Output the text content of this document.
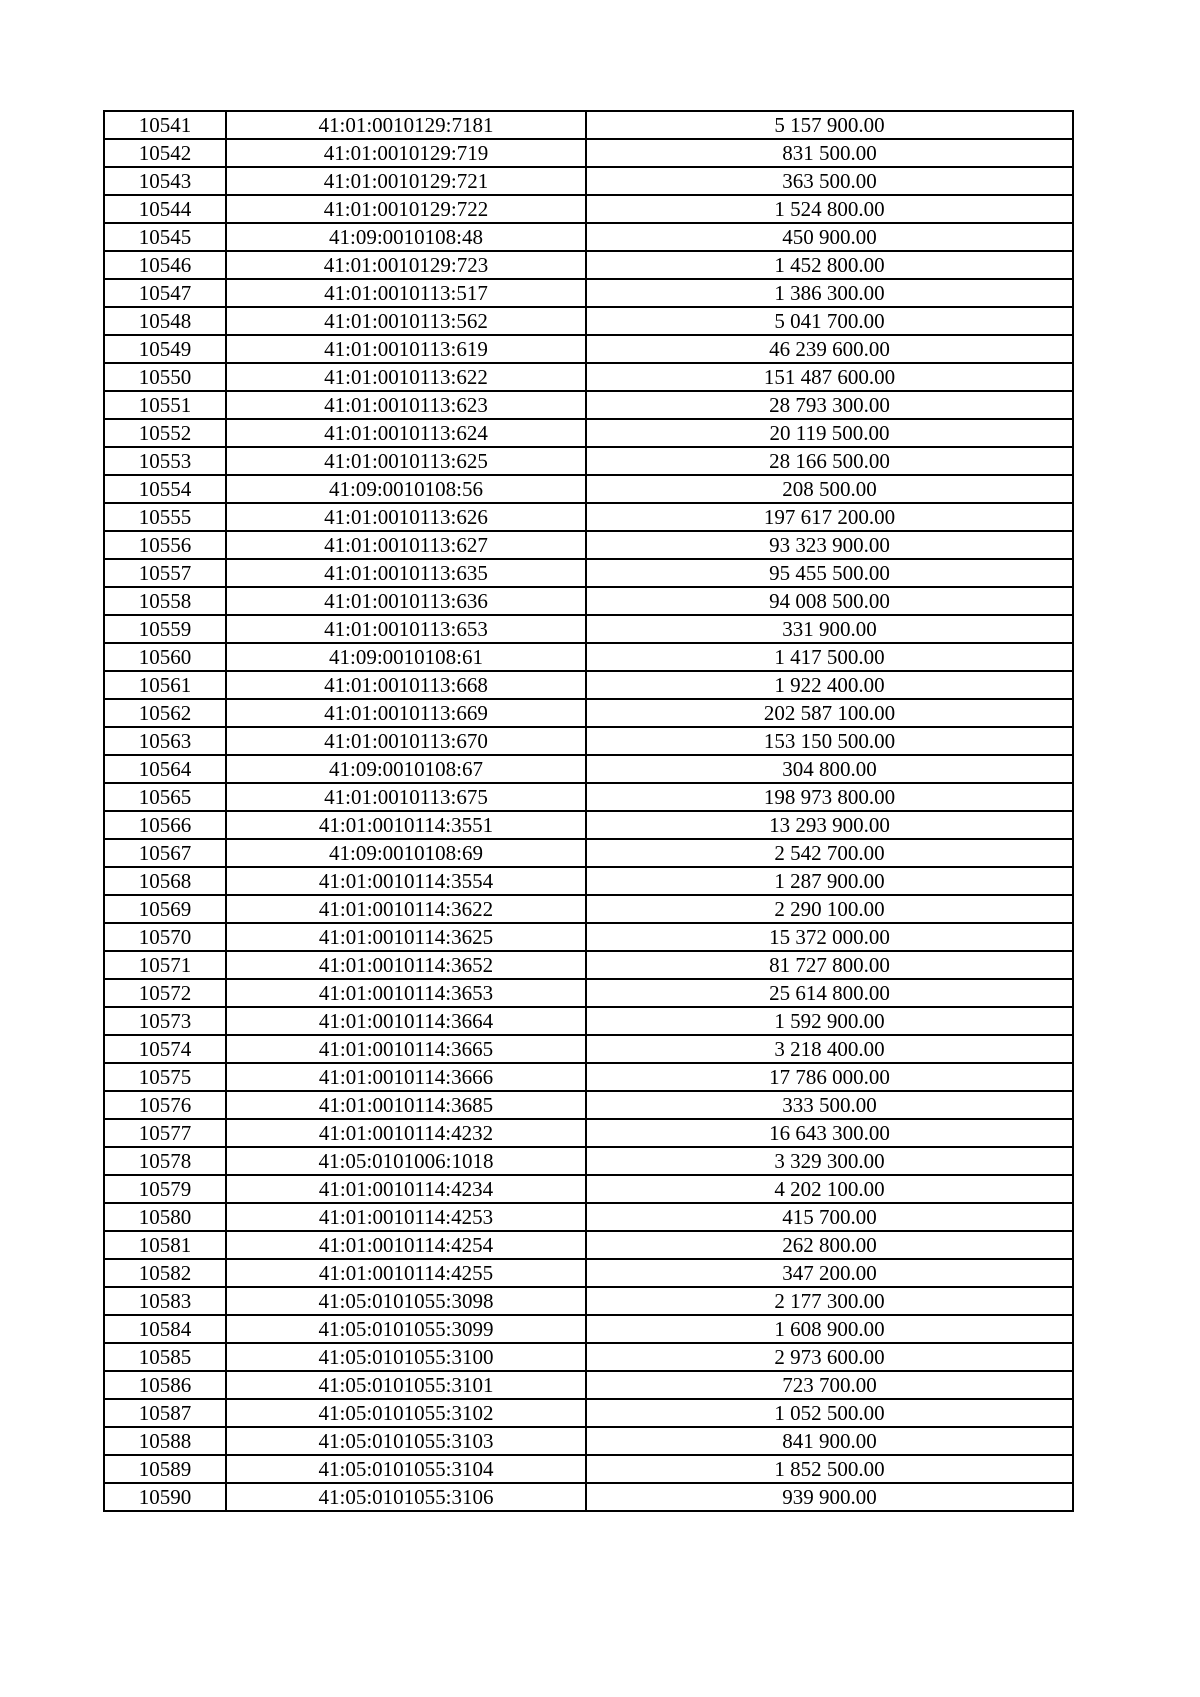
10541	41:01:0010129:7181	5 157 900.00
10542	41:01:0010129:719	831 500.00
10543	41:01:0010129:721	363 500.00
10544	41:01:0010129:722	1 524 800.00
10545	41:09:0010108:48	450 900.00
10546	41:01:0010129:723	1 452 800.00
10547	41:01:0010113:517	1 386 300.00
10548	41:01:0010113:562	5 041 700.00
10549	41:01:0010113:619	46 239 600.00
10550	41:01:0010113:622	151 487 600.00
10551	41:01:0010113:623	28 793 300.00
10552	41:01:0010113:624	20 119 500.00
10553	41:01:0010113:625	28 166 500.00
10554	41:09:0010108:56	208 500.00
10555	41:01:0010113:626	197 617 200.00
10556	41:01:0010113:627	93 323 900.00
10557	41:01:0010113:635	95 455 500.00
10558	41:01:0010113:636	94 008 500.00
10559	41:01:0010113:653	331 900.00
10560	41:09:0010108:61	1 417 500.00
10561	41:01:0010113:668	1 922 400.00
10562	41:01:0010113:669	202 587 100.00
10563	41:01:0010113:670	153 150 500.00
10564	41:09:0010108:67	304 800.00
10565	41:01:0010113:675	198 973 800.00
10566	41:01:0010114:3551	13 293 900.00
10567	41:09:0010108:69	2 542 700.00
10568	41:01:0010114:3554	1 287 900.00
10569	41:01:0010114:3622	2 290 100.00
10570	41:01:0010114:3625	15 372 000.00
10571	41:01:0010114:3652	81 727 800.00
10572	41:01:0010114:3653	25 614 800.00
10573	41:01:0010114:3664	1 592 900.00
10574	41:01:0010114:3665	3 218 400.00
10575	41:01:0010114:3666	17 786 000.00
10576	41:01:0010114:3685	333 500.00
10577	41:01:0010114:4232	16 643 300.00
10578	41:05:0101006:1018	3 329 300.00
10579	41:01:0010114:4234	4 202 100.00
10580	41:01:0010114:4253	415 700.00
10581	41:01:0010114:4254	262 800.00
10582	41:01:0010114:4255	347 200.00
10583	41:05:0101055:3098	2 177 300.00
10584	41:05:0101055:3099	1 608 900.00
10585	41:05:0101055:3100	2 973 600.00
10586	41:05:0101055:3101	723 700.00
10587	41:05:0101055:3102	1 052 500.00
10588	41:05:0101055:3103	841 900.00
10589	41:05:0101055:3104	1 852 500.00
10590	41:05:0101055:3106	939 900.00
